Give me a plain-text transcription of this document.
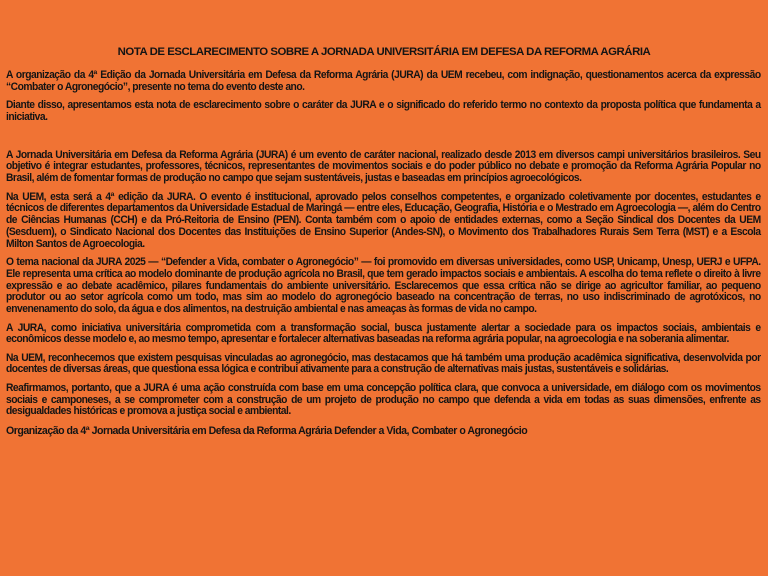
NOTA DE ESCLARECIMENTO SOBRE A JORNADA UNIVERSITÁRIA EM DEFESA DA REFORMA AGRÁRIA

A organização da 4ª Edição da Jornada Universitária em Defesa da Reforma Agrária (JURA) da UEM recebeu, com indignação, questionamentos acerca da expressão “Combater o Agronegócio”, presente no tema do evento deste ano.

Diante disso, apresentamos esta nota de esclarecimento sobre o caráter da JURA e o significado do referido termo no contexto da proposta política que fundamenta a iniciativa.

A Jornada Universitária em Defesa da Reforma Agrária (JURA) é um evento de caráter nacional, realizado desde 2013 em diversos campi universitários brasileiros. Seu objetivo é integrar estudantes, professores, técnicos, representantes de movimentos sociais e do poder público no debate e promoção da Reforma Agrária Popular no Brasil, além de fomentar formas de produção no campo que sejam sustentáveis, justas e baseadas em princípios agroecológicos.

Na UEM, esta será a 4ª edição da JURA. O evento é institucional, aprovado pelos conselhos competentes, e organizado coletivamente por docentes, estudantes e técnicos de diferentes departamentos da Universidade Estadual de Maringá — entre eles, Educação, Geografia, História e o Mestrado em Agroecologia —, além do Centro de Ciências Humanas (CCH) e da Pró-Reitoria de Ensino (PEN). Conta também com o apoio de entidades externas, como a Seção Sindical dos Docentes da UEM (Sesduem), o Sindicato Nacional dos Docentes das Instituições de Ensino Superior (Andes-SN), o Movimento dos Trabalhadores Rurais Sem Terra (MST) e a Escola Milton Santos de Agroecologia.

O tema nacional da JURA 2025 — “Defender a Vida, combater o Agronegócio” — foi promovido em diversas universidades, como USP, Unicamp, Unesp, UERJ e UFPA. Ele representa uma crítica ao modelo dominante de produção agrícola no Brasil, que tem gerado impactos sociais e ambientais. A escolha do tema reflete o direito à livre expressão e ao debate acadêmico, pilares fundamentais do ambiente universitário. Esclarecemos que essa crítica não se dirige ao agricultor familiar, ao pequeno produtor ou ao setor agrícola como um todo, mas sim ao modelo do agronegócio baseado na concentração de terras, no uso indiscriminado de agrotóxicos, no envenenamento do solo, da água e dos alimentos, na destruição ambiental e nas ameaças às formas de vida no campo.

A JURA, como iniciativa universitária comprometida com a transformação social, busca justamente alertar a sociedade para os impactos sociais, ambientais e econômicos desse modelo e, ao mesmo tempo, apresentar e fortalecer alternativas baseadas na reforma agrária popular, na agroecologia e na soberania alimentar.

Na UEM, reconhecemos que existem pesquisas vinculadas ao agronegócio, mas destacamos que há também uma produção acadêmica significativa, desenvolvida por docentes de diversas áreas, que questiona essa lógica e contribui ativamente para a construção de alternativas mais justas, sustentáveis e solidárias.

Reafirmamos, portanto, que a JURA é uma ação construída com base em uma concepção política clara, que convoca a universidade, em diálogo com os movimentos sociais e camponeses, a se comprometer com a construção de um projeto de produção no campo que defenda a vida em todas as suas dimensões, enfrente as desigualdades históricas e promova a justiça social e ambiental.

Organização da 4ª Jornada Universitária em Defesa da Reforma Agrária Defender a Vida, Combater o Agronegócio
